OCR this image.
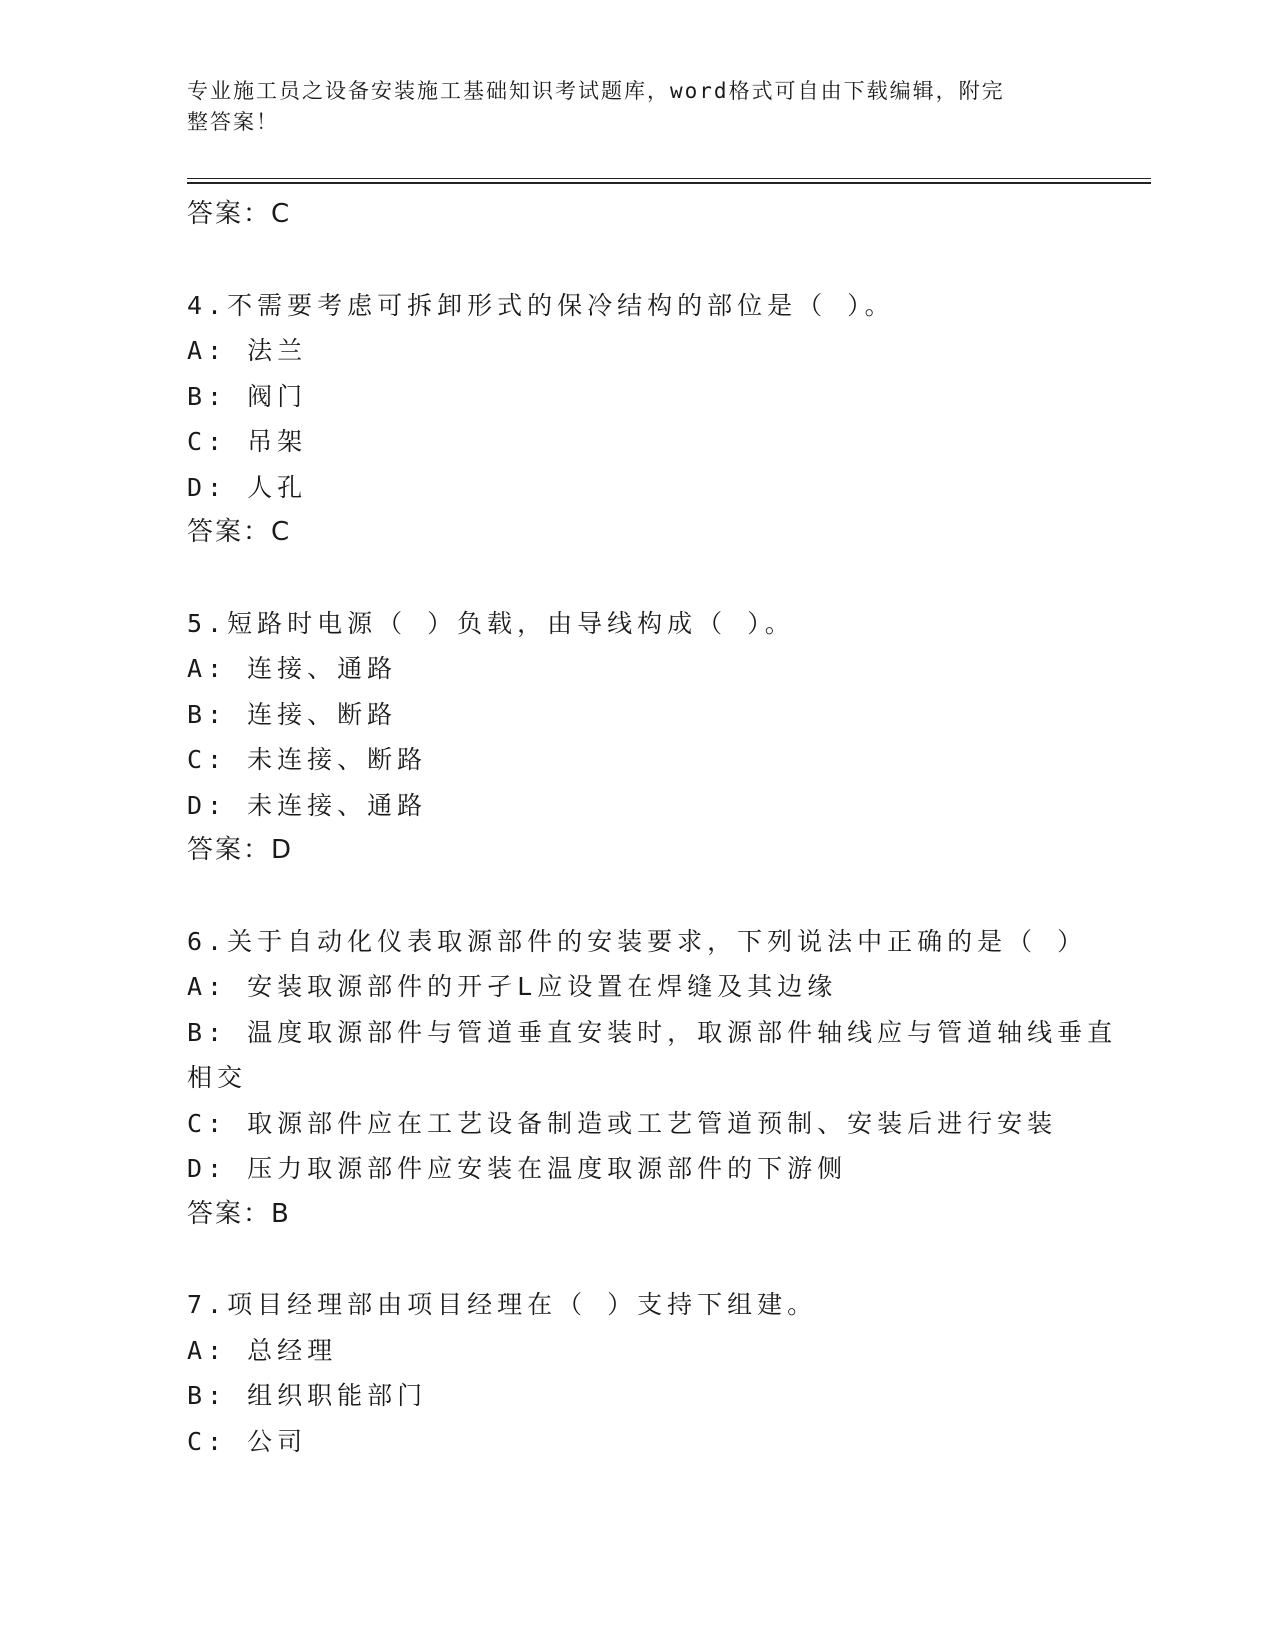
专业施工员之设备安装施工基础知识考试题库，word格式可自由下载编辑，附完
整答案！
答案：C
4.不需要考虑可拆卸形式的保冷结构的部位是（ ）。
A: 法兰
B: 阀门
C: 吊架
D: 人孔
答案：C
5.短路时电源（ ）负载，由导线构成（ ）。
A: 连接、通路
B: 连接、断路
C: 未连接、断路
D: 未连接、通路
答案：D
6.关于自动化仪表取源部件的安装要求，下列说法中正确的是（ ）
A: 安装取源部件的开孑L应设置在焊缝及其边缘
B: 温度取源部件与管道垂直安装时，取源部件轴线应与管道轴线垂直
相交
C: 取源部件应在工艺设备制造或工艺管道预制、安装后进行安装
D: 压力取源部件应安装在温度取源部件的下游侧
答案：B
7.项目经理部由项目经理在（ ）支持下组建。
A: 总经理
B: 组织职能部门
C: 公司
